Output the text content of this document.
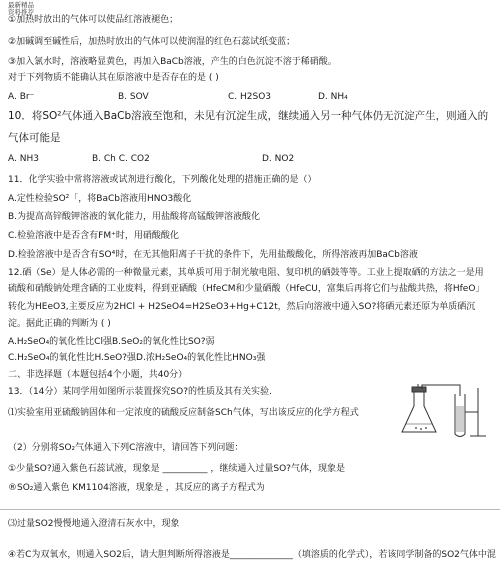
最新精品
资料推荐
①加热时放出的气体可以使品红溶液褪色；
②加碱调至碱性后，加热时放出的气体可以使润湿的红色石蕊试纸变蓝；
③加入氯水时，溶液略显黄色，再加入BaCb溶液，产生的白色沉淀不溶于稀硝酸。
对于下列物质不能确认其在原溶液中是否存在的是 ( )
A. Br⁻	B. SOV	C. H2SO3	D. NH₄
10．将SO²气体通入BaCb溶液至饱和，未见有沉淀生成，继续通入另一种气体仍无沉淀产生，则通入的
气体可能是
A. NH3	B. Ch C. CO2	D. NO2
11．化学实验中常将溶液或试剂进行酸化，下列酸化处理的措施正确的是（）
A.定性检验SO²「，将BaCb溶液用HNO3酸化
B.为提高高锌酸钾溶液的氧化能力，用盐酸将高锰酸钾溶液酸化
C.检验溶液中是否含有FM⁺时，用硝酸酸化
D.检验溶液中是否含有SO⁴时，在无其他阳离子干扰的条件下，先用盐酸酸化，所得溶液再加BaCb溶液
12.硒（Se）是人体必需的一种微量元素，其单质可用于制光敏电阻、复印机的硒鼓等等。工业上提取硒的方法之一是用
硫酸和硝酸钠处理含硒的工业废料，得到亚硒酸（HfeCM和少量硒酸（HfeCU，富集后再将它们与盐酸共热，将HfeO」
转化为HEeO3,主要反应为2HCl + H2SeO4=H2SeO3+Hg+C12t，然后向溶液中通入SO?将硒元素还原为单质硒沉
淀。据此正确的判断为 ( )
A.H₂SeO₄的氧化性比Cl强B.SeO₂的氧化性比SO?弱
C.H₂SeO₄的氧化性比H.SeO?强D.浓H₂SeO₄的氧化性比HNO₃强
二、非选择题（本题包括4个小题，共40分）
13．（14分）某同学用如图所示装置探究SO?的性质及其有关实验.
⑴实验室用亚硫酸钠固体和一定浓度的硫酸反应制备SCh气体，写出该反应的化学方程式
（2）分别将SO₂气体通入下列C溶液中，请回答下列问题：
①少量SO?通入紫色石蕊试液，现象是 __________ ，继续通入过量SO?气体，现象是
®SO₂通入紫色 KM1104溶液，现象是 ，其反应的离子方程式为
⑶过量SO2慢慢地通入澄清石灰水中，现象
④若C为双氧水，则通入SO2后，请大胆判断所得溶液是______________（填溶质的化学式），若该同学制备的SO2气体中混
